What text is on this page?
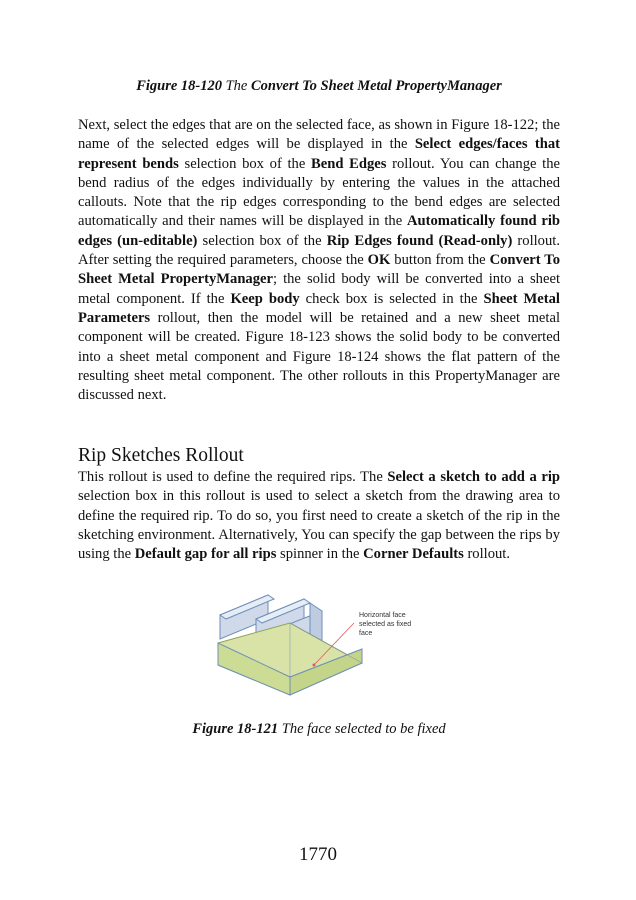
Figure 18-120 The Convert To Sheet Metal PropertyManager

Next, select the edges that are on the selected face, as shown in Figure 18-122; the name of the selected edges will be displayed in the Select edges/faces that represent bends selection box of the Bend Edges rollout. You can change the bend radius of the edges individually by entering the values in the attached callouts. Note that the rip edges corresponding to the bend edges are selected automatically and their names will be displayed in the Automatically found rib edges (un-editable) selection box of the Rip Edges found (Read-only) rollout. After setting the required parameters, choose the OK button from the Convert To Sheet Metal PropertyManager; the solid body will be converted into a sheet metal component. If the Keep body check box is selected in the Sheet Metal Parameters rollout, then the model will be retained and a new sheet metal component will be created. Figure 18-123 shows the solid body to be converted into a sheet metal component and Figure 18-124 shows the flat pattern of the resulting sheet metal component. The other rollouts in this PropertyManager are discussed next.

Rip Sketches Rollout

This rollout is used to define the required rips. The Select a sketch to add a rip selection box in this rollout is used to select a sketch from the drawing area to define the required rip. To do so, you first need to create a sketch of the rip in the sketching environment. Alternatively, You can specify the gap between the rips by using the Default gap for all rips spinner in the Corner Defaults rollout.

Horizontal face
selected as fixed
face
Figure 18-121 The face selected to be fixed
1770
